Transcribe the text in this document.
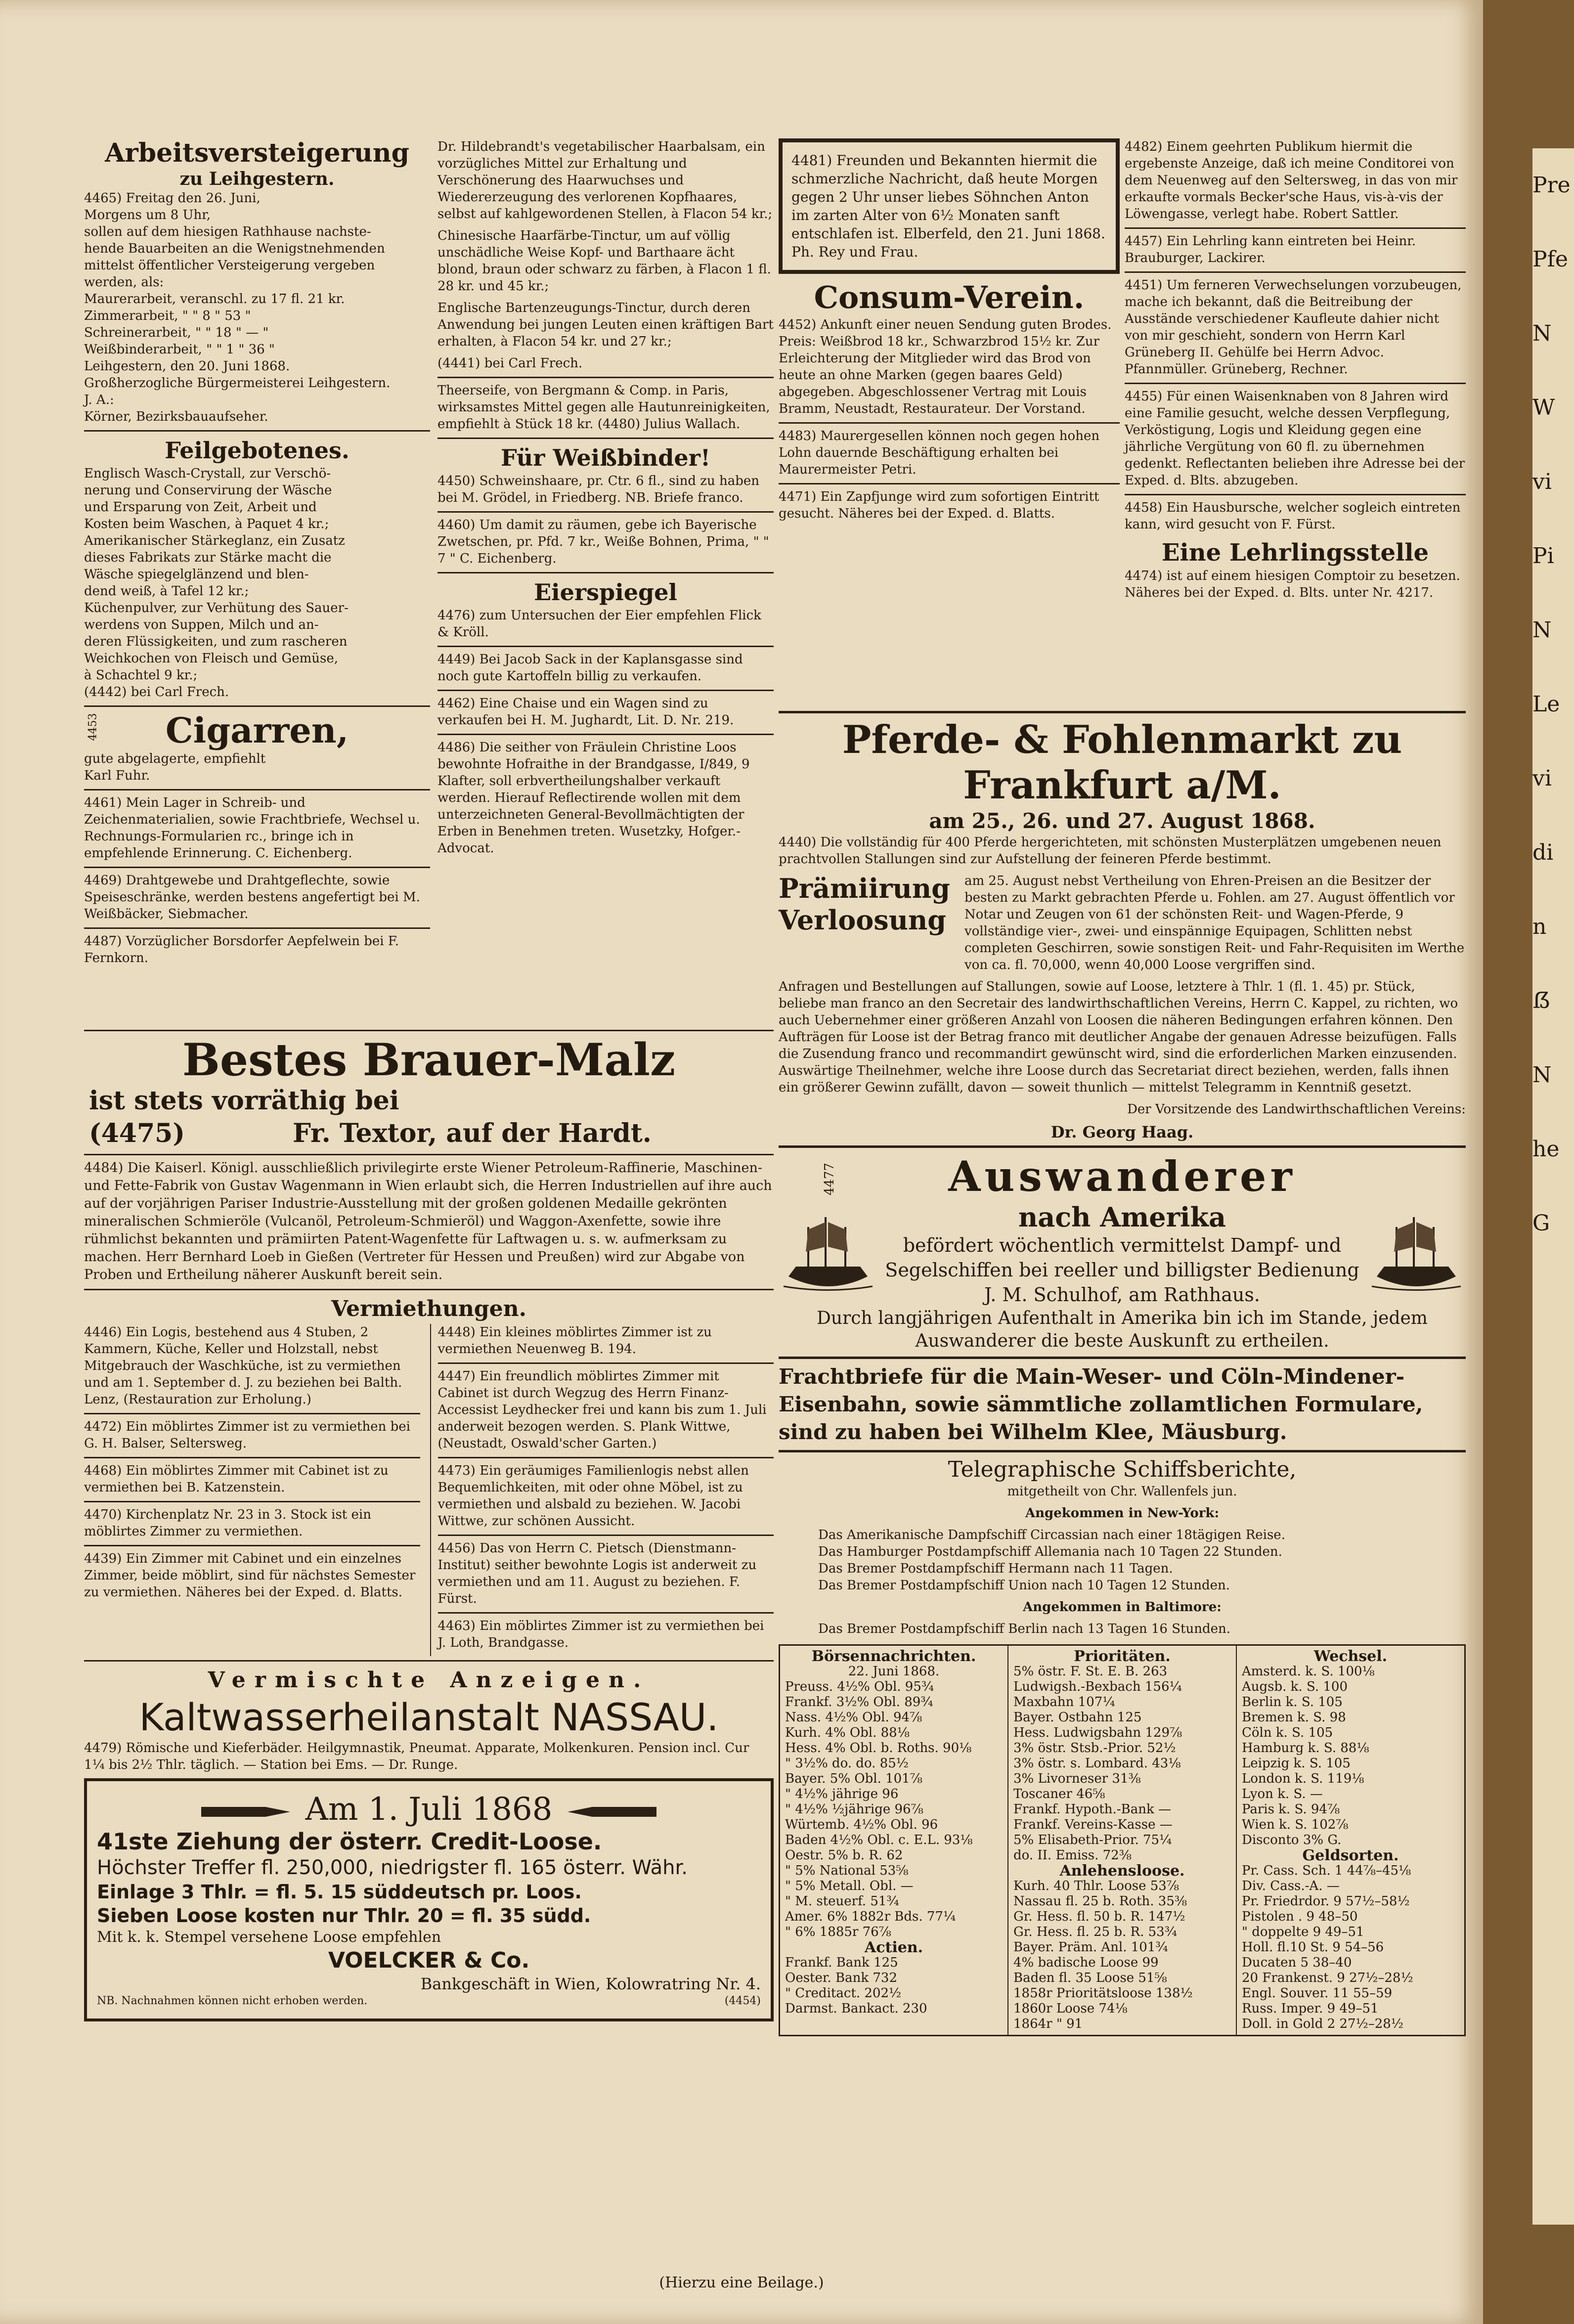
Pre
Pfe
N
W
vi
Pi
N
Le
vi
di
n
ẞ
N
he
G
Arbeitsversteigerung
zu Leihgestern.
4465) Freitag den 26. Juni,
Morgens um 8 Uhr,
sollen auf dem hiesigen Rathhause nachste-
hende Bauarbeiten an die Wenigstnehmenden
mittelst öffentlicher Versteigerung vergeben
werden, als:
Maurerarbeit, veranschl. zu 17 fl. 21 kr.
Zimmerarbeit, " " 8 " 53 "
Schreinerarbeit, " " 18 " — "
Weißbinderarbeit, " " 1 " 36 "
Leihgestern, den 20. Juni 1868.
Großherzogliche Bürgermeisterei Leihgestern.
J. A.:
Körner, Bezirksbauaufseher.
Feilgebotenes.
Englisch Wasch-Crystall, zur Verschö-
nerung und Conservirung der Wäsche
und Ersparung von Zeit, Arbeit und
Kosten beim Waschen, à Paquet 4 kr.;
Amerikanischer Stärkeglanz, ein Zusatz
dieses Fabrikats zur Stärke macht die
Wäsche spiegelglänzend und blen-
dend weiß, à Tafel 12 kr.;
Küchenpulver, zur Verhütung des Sauer-
werdens von Suppen, Milch und an-
deren Flüssigkeiten, und zum rascheren
Weichkochen von Fleisch und Gemüse,
à Schachtel 9 kr.;
(4442) bei Carl Frech.
4453	Cigarren,
gute abgelagerte, empfiehlt
Karl Fuhr.
4461) Mein Lager in Schreib- und Zeichenmaterialien, sowie Frachtbriefe, Wechsel u. Rechnungs-Formularien rc., bringe ich in empfehlende Erinnerung. C. Eichenberg.
4469) Drahtgewebe und Drahtgeflechte, sowie Speiseschränke, werden bestens angefertigt bei M. Weißbäcker, Siebmacher.
4487) Vorzüglicher Borsdorfer Aepfelwein bei F. Fernkorn.
Dr. Hildebrandt's vegetabilischer Haarbalsam, ein vorzügliches Mittel zur Erhaltung und Verschönerung des Haarwuchses und Wiedererzeugung des verlorenen Kopfhaares, selbst auf kahlgewordenen Stellen, à Flacon 54 kr.;
Chinesische Haarfärbe-Tinctur, um auf völlig unschädliche Weise Kopf- und Barthaare ächt blond, braun oder schwarz zu färben, à Flacon 1 fl. 28 kr. und 45 kr.;
Englische Bartenzeugungs-Tinctur, durch deren Anwendung bei jungen Leuten einen kräftigen Bart erhalten, à Flacon 54 kr. und 27 kr.;
(4441) bei Carl Frech.
Theerseife, von Bergmann & Comp. in Paris, wirksamstes Mittel gegen alle Hautunreinigkeiten, empfiehlt à Stück 18 kr. (4480) Julius Wallach.
Für Weißbinder!
4450) Schweinshaare, pr. Ctr. 6 fl., sind zu haben bei M. Grödel, in Friedberg. NB. Briefe franco.
4460) Um damit zu räumen, gebe ich Bayerische Zwetschen, pr. Pfd. 7 kr., Weiße Bohnen, Prima, " " 7 " C. Eichenberg.
Eierspiegel
4476) zum Untersuchen der Eier empfehlen Flick & Kröll.
4449) Bei Jacob Sack in der Kaplansgasse sind noch gute Kartoffeln billig zu verkaufen.
4462) Eine Chaise und ein Wagen sind zu verkaufen bei H. M. Jughardt, Lit. D. Nr. 219.
4486) Die seither von Fräulein Christine Loos bewohnte Hofraithe in der Brandgasse, I/849, 9 Klafter, soll erbvertheilungshalber verkauft werden. Hierauf Reflectirende wollen mit dem unterzeichneten General-Bevollmächtigten der Erben in Benehmen treten. Wusetzky, Hofger.-Advocat.
Bestes Brauer-Malz
ist stets vorräthig bei
(4475)	Fr. Textor, auf der Hardt.
4484) Die Kaiserl. Königl. ausschließlich privilegirte erste Wiener Petroleum-Raffinerie, Maschinen- und Fette-Fabrik von Gustav Wagenmann in Wien erlaubt sich, die Herren Industriellen auf ihre auch auf der vorjährigen Pariser Industrie-Ausstellung mit der großen goldenen Medaille gekrönten mineralischen Schmieröle (Vulcanöl, Petroleum-Schmieröl) und Waggon-Axenfette, sowie ihre rühmlichst bekannten und prämiirten Patent-Wagenfette für Laftwagen u. s. w. aufmerksam zu machen. Herr Bernhard Loeb in Gießen (Vertreter für Hessen und Preußen) wird zur Abgabe von Proben und Ertheilung näherer Auskunft bereit sein.
Vermiethungen.
4446) Ein Logis, bestehend aus 4 Stuben, 2 Kammern, Küche, Keller und Holzstall, nebst Mitgebrauch der Waschküche, ist zu vermiethen und am 1. September d. J. zu beziehen bei Balth. Lenz, (Restauration zur Erholung.)
4472) Ein möblirtes Zimmer ist zu vermiethen bei G. H. Balser, Seltersweg.
4468) Ein möblirtes Zimmer mit Cabinet ist zu vermiethen bei B. Katzenstein.
4470) Kirchenplatz Nr. 23 in 3. Stock ist ein möblirtes Zimmer zu vermiethen.
4439) Ein Zimmer mit Cabinet und ein einzelnes Zimmer, beide möblirt, sind für nächstes Semester zu vermiethen. Näheres bei der Exped. d. Blatts.
4448) Ein kleines möblirtes Zimmer ist zu vermiethen Neuenweg B. 194.
4447) Ein freundlich möblirtes Zimmer mit Cabinet ist durch Wegzug des Herrn Finanz-Accessist Leydhecker frei und kann bis zum 1. Juli anderweit bezogen werden. S. Plank Wittwe, (Neustadt, Oswald'scher Garten.)
4473) Ein geräumiges Familienlogis nebst allen Bequemlichkeiten, mit oder ohne Möbel, ist zu vermiethen und alsbald zu beziehen. W. Jacobi Wittwe, zur schönen Aussicht.
4456) Das von Herrn C. Pietsch (Dienstmann-Institut) seither bewohnte Logis ist anderweit zu vermiethen und am 11. August zu beziehen. F. Fürst.
4463) Ein möblirtes Zimmer ist zu vermiethen bei J. Loth, Brandgasse.
Vermischte Anzeigen.
Kaltwasserheilanstalt NASSAU.
4479) Römische und Kieferbäder. Heilgymnastik, Pneumat. Apparate, Molkenkuren. Pension incl. Cur 1¼ bis 2½ Thlr. täglich. — Station bei Ems. — Dr. Runge.
Am 1. Juli 1868
41ste Ziehung der österr. Credit-Loose.
Höchster Treffer fl. 250,000, niedrigster fl. 165 österr. Währ.
Einlage 3 Thlr. = fl. 5. 15 süddeutsch pr. Loos.
Sieben Loose kosten nur Thlr. 20 = fl. 35 südd.
Mit k. k. Stempel versehene Loose empfehlen
VOELCKER & Co.
Bankgeschäft in Wien, Kolowratring Nr. 4.
NB. Nachnahmen können nicht erhoben werden.	(4454)
4481) Freunden und Bekannten hiermit die schmerzliche Nachricht, daß heute Morgen gegen 2 Uhr unser liebes Söhnchen Anton im zarten Alter von 6½ Monaten sanft entschlafen ist. Elberfeld, den 21. Juni 1868. Ph. Rey und Frau.
Consum-Verein.
4452) Ankunft einer neuen Sendung guten Brodes. Preis: Weißbrod 18 kr., Schwarzbrod 15½ kr. Zur Erleichterung der Mitglieder wird das Brod von heute an ohne Marken (gegen baares Geld) abgegeben. Abgeschlossener Vertrag mit Louis Bramm, Neustadt, Restaurateur. Der Vorstand.
4483) Maurergesellen können noch gegen hohen Lohn dauernde Beschäftigung erhalten bei Maurermeister Petri.
4471) Ein Zapfjunge wird zum sofortigen Eintritt gesucht. Näheres bei der Exped. d. Blatts.
4482) Einem geehrten Publikum hiermit die ergebenste Anzeige, daß ich meine Conditorei von dem Neuenweg auf den Seltersweg, in das von mir erkaufte vormals Becker'sche Haus, vis-à-vis der Löwengasse, verlegt habe. Robert Sattler.
4457) Ein Lehrling kann eintreten bei Heinr. Brauburger, Lackirer.
4451) Um ferneren Verwechselungen vorzubeugen, mache ich bekannt, daß die Beitreibung der Ausstände verschiedener Kaufleute dahier nicht von mir geschieht, sondern von Herrn Karl Grüneberg II. Gehülfe bei Herrn Advoc. Pfannmüller. Grüneberg, Rechner.
4455) Für einen Waisenknaben von 8 Jahren wird eine Familie gesucht, welche dessen Verpflegung, Verköstigung, Logis und Kleidung gegen eine jährliche Vergütung von 60 fl. zu übernehmen gedenkt. Reflectanten belieben ihre Adresse bei der Exped. d. Blts. abzugeben.
4458) Ein Hausbursche, welcher sogleich eintreten kann, wird gesucht von F. Fürst.
Eine Lehrlingsstelle
4474) ist auf einem hiesigen Comptoir zu besetzen. Näheres bei der Exped. d. Blts. unter Nr. 4217.
Pferde- & Fohlenmarkt zu Frankfurt a/M.
am 25., 26. und 27. August 1868.
4440) Die vollständig für 400 Pferde hergerichteten, mit schönsten Musterplätzen umgebenen neuen prachtvollen Stallungen sind zur Aufstellung der feineren Pferde bestimmt.
Prämiirung Verloosung
am 25. August nebst Vertheilung von Ehren-Preisen an die Besitzer der besten zu Markt gebrachten Pferde u. Fohlen. am 27. August öffentlich vor Notar und Zeugen von 61 der schönsten Reit- und Wagen-Pferde, 9 vollständige vier-, zwei- und einspännige Equipagen, Schlitten nebst completen Geschirren, sowie sonstigen Reit- und Fahr-Requisiten im Werthe von ca. fl. 70,000, wenn 40,000 Loose vergriffen sind.
Anfragen und Bestellungen auf Stallungen, sowie auf Loose, letztere à Thlr. 1 (fl. 1. 45) pr. Stück, beliebe man franco an den Secretair des landwirthschaftlichen Vereins, Herrn C. Kappel, zu richten, wo auch Uebernehmer einer größeren Anzahl von Loosen die näheren Bedingungen erfahren können. Den Aufträgen für Loose ist der Betrag franco mit deutlicher Angabe der genauen Adresse beizufügen. Falls die Zusendung franco und recommandirt gewünscht wird, sind die erforderlichen Marken einzusenden. Auswärtige Theilnehmer, welche ihre Loose durch das Secretariat direct beziehen, werden, falls ihnen ein größerer Gewinn zufällt, davon — soweit thunlich — mittelst Telegramm in Kenntniß gesetzt.
Der Vorsitzende des Landwirthschaftlichen Vereins:
Dr. Georg Haag.
4477	Auswanderer
nach Amerika
befördert wöchentlich vermittelst Dampf- und Segelschiffen bei reeller und billigster Bedienung J. M. Schulhof, am Rathhaus.
Durch langjährigen Aufenthalt in Amerika bin ich im Stande, jedem Auswanderer die beste Auskunft zu ertheilen.
Frachtbriefe für die Main-Weser- und Cöln-Mindener-Eisenbahn, sowie sämmtliche zollamtlichen Formulare, sind zu haben bei Wilhelm Klee, Mäusburg.
Telegraphische Schiffsberichte,
mitgetheilt von Chr. Wallenfels jun.
Angekommen in New-York:
Das Amerikanische Dampfschiff Circassian nach einer 18tägigen Reise.
Das Hamburger Postdampfschiff Allemania nach 10 Tagen 22 Stunden.
Das Bremer Postdampfschiff Hermann nach 11 Tagen.
Das Bremer Postdampfschiff Union nach 10 Tagen 12 Stunden.
Angekommen in Baltimore:
Das Bremer Postdampfschiff Berlin nach 13 Tagen 16 Stunden.
Börsennachrichten.
22. Juni 1868.
Preuss. 4½% Obl. 95¾
Frankf. 3½% Obl. 89¾
Nass. 4½% Obl. 94⅞
Kurh. 4% Obl. 88⅛
Hess. 4% Obl. b. Roths. 90⅛
" 3½% do. do. 85½
Bayer. 5% Obl. 101⅞
" 4½% jährige 96
" 4½% ½jährige 96⅞
Würtemb. 4½% Obl. 96
Baden 4½% Obl. c. E.L. 93⅛
Oestr. 5% b. R. 62
" 5% National 53⅝
" 5% Metall. Obl. —
" M. steuerf. 51¾
Amer. 6% 1882r Bds. 77¼
" 6% 1885r 76⅞
Actien.
Frankf. Bank 125
Oester. Bank 732
" Creditact. 202½
Darmst. Bankact. 230
Prioritäten.
5% östr. F. St. E. B. 263
Ludwigsh.-Bexbach 156¼
Maxbahn 107¼
Bayer. Ostbahn 125
Hess. Ludwigsbahn 129⅞
3% östr. Stsb.-Prior. 52½
3% östr. s. Lombard. 43⅛
3% Livorneser 31⅜
Toscaner 46⅝
Frankf. Hypoth.-Bank —
Frankf. Vereins-Kasse —
5% Elisabeth-Prior. 75¼
do. II. Emiss. 72⅜
Anlehensloose.
Kurh. 40 Thlr. Loose 53⅞
Nassau fl. 25 b. Roth. 35⅜
Gr. Hess. fl. 50 b. R. 147½
Gr. Hess. fl. 25 b. R. 53¾
Bayer. Präm. Anl. 101¾
4% badische Loose 99
Baden fl. 35 Loose 51⅝
1858r Prioritätsloose 138½
1860r Loose 74⅛
1864r " 91
Wechsel.
Amsterd. k. S. 100⅛
Augsb. k. S. 100
Berlin k. S. 105
Bremen k. S. 98
Cöln k. S. 105
Hamburg k. S. 88⅛
Leipzig k. S. 105
London k. S. 119⅛
Lyon k. S. —
Paris k. S. 94⅞
Wien k. S. 102⅞
Disconto 3% G.
Geldsorten.
Pr. Cass. Sch. 1 44⅞–45⅛
Div. Cass.-A. —
Pr. Friedrdor. 9 57½–58½
Pistolen . 9 48–50
" doppelte 9 49–51
Holl. fl.10 St. 9 54–56
Ducaten 5 38–40
20 Frankenst. 9 27½–28½
Engl. Souver. 11 55–59
Russ. Imper. 9 49–51
Doll. in Gold 2 27½–28½
(Hierzu eine Beilage.)
